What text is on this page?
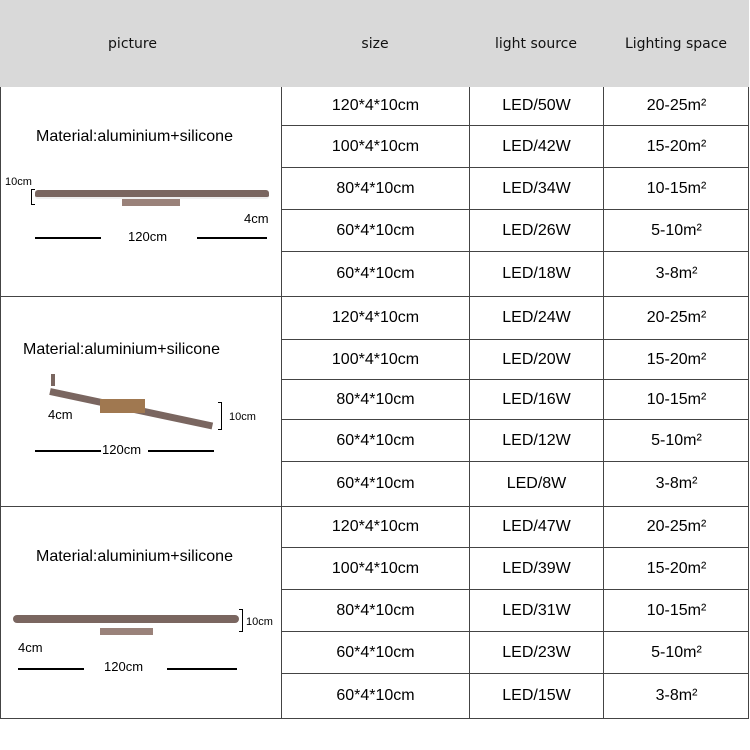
picture	size	light source	Lighting space
120*4*10cm	LED/50W	20-25m²
100*4*10cm	LED/42W	15-20m²
80*4*10cm	LED/34W	10-15m²
60*4*10cm	LED/26W	5-10m²
60*4*10cm	LED/18W	3-8m²
120*4*10cm	LED/24W	20-25m²
100*4*10cm	LED/20W	15-20m²
80*4*10cm	LED/16W	10-15m²
60*4*10cm	LED/12W	5-10m²
60*4*10cm	LED/8W	3-8m²
120*4*10cm	LED/47W	20-25m²
100*4*10cm	LED/39W	15-20m²
80*4*10cm	LED/31W	10-15m²
60*4*10cm	LED/23W	5-10m²
60*4*10cm	LED/15W	3-8m²
Material:aluminium+silicone
10cm
4cm
120cm
Material:aluminium+silicone
4cm	10cm
120cm
Material:aluminium+silicone
10cm
4cm
120cm
